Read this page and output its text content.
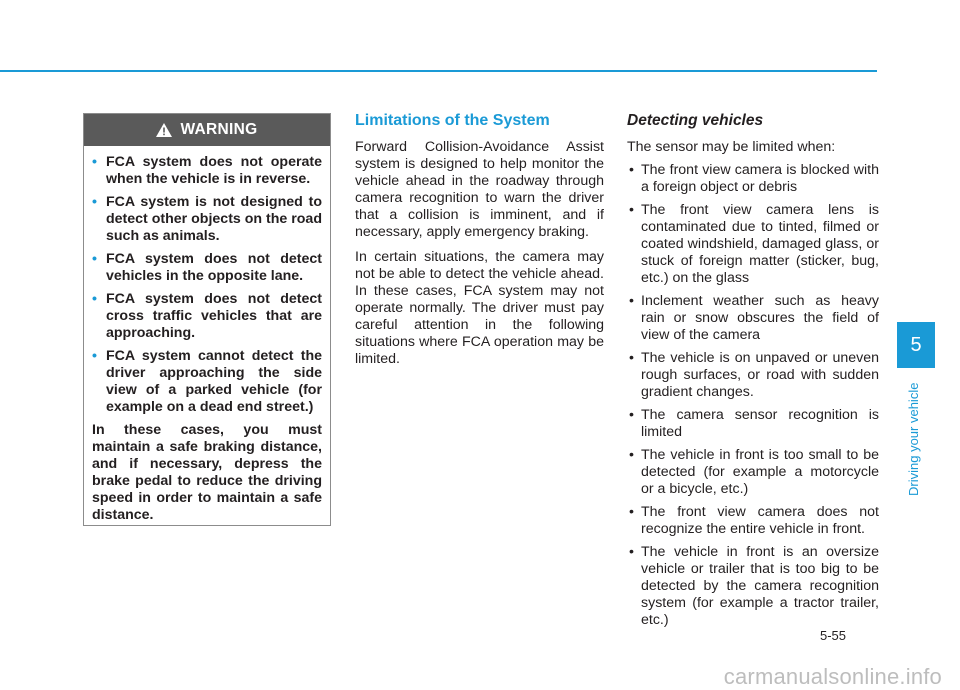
WARNING
• FCA system does not operate when the vehicle is in reverse.
• FCA system is not designed to detect other objects on the road such as animals.
• FCA system does not detect vehicles in the opposite lane.
• FCA system does not detect cross traffic vehicles that are approaching.
• FCA system cannot detect the driver approaching the side view of a parked vehicle (for example on a dead end street.)

In these cases, you must maintain a safe braking distance, and if necessary, depress the brake pedal to reduce the driving speed in order to maintain a safe distance.

Limitations of the System

Forward Collision-Avoidance Assist system is designed to help monitor the vehicle ahead in the roadway through camera recognition to warn the driver that a collision is imminent, and if necessary, apply emergency braking.

In certain situations, the camera may not be able to detect the vehicle ahead. In these cases, FCA system may not operate normally. The driver must pay careful attention in the following situations where FCA operation may be limited.

Detecting vehicles

The sensor may be limited when:

• The front view camera is blocked with a foreign object or debris
• The front view camera lens is contaminated due to tinted, filmed or coated windshield, damaged glass, or stuck of foreign matter (sticker, bug, etc.) on the glass
• Inclement weather such as heavy rain or snow obscures the field of view of the camera
• The vehicle is on unpaved or uneven rough surfaces, or road with sudden gradient changes.
• The camera sensor recognition is limited
• The vehicle in front is too small to be detected (for example a motorcycle or a bicycle, etc.)
• The front view camera does not recognize the entire vehicle in front.
• The vehicle in front is an oversize vehicle or trailer that is too big to be detected by the camera recognition system (for example a tractor trailer, etc.)
5
Driving your vehicle
5-55
carmanualsonline.info
